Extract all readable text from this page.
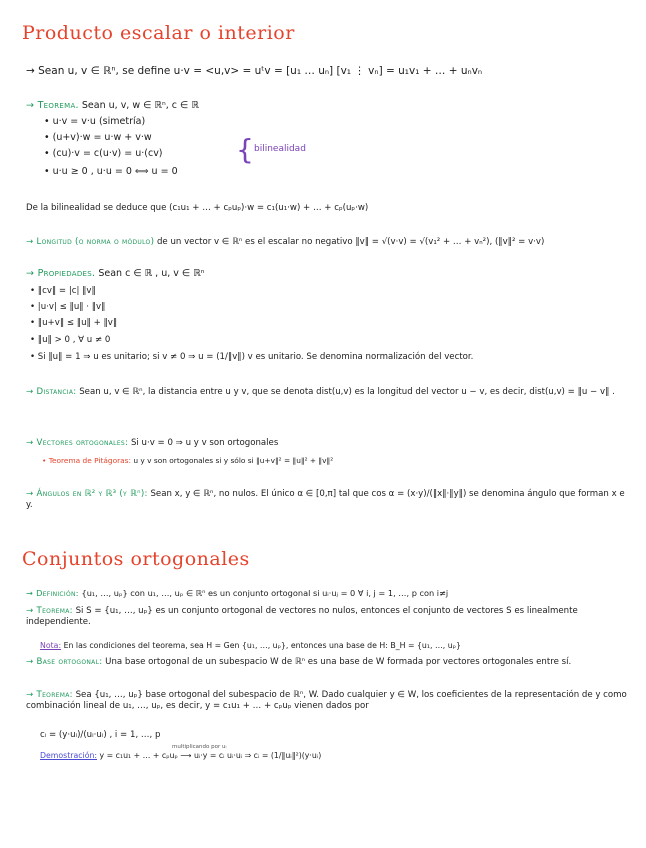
Producto escalar o interior
→ Sean u, v ∈ ℝⁿ, se define u·v = <u,v> = uᵗv = [u₁ … uₙ] [v₁ ⋮ vₙ] = u₁v₁ + … + uₙvₙ
→ Teorema. Sean u, v, w ∈ ℝⁿ, c ∈ ℝ
• u·v = v·u (simetría)
• (u+v)·w = u·w + v·w
• (cu)·v = c(u·v) = u·(cv)
• u·u ≥ 0 , u·u = 0 ⟺ u = 0
{ bilinealidad
De la bilinealidad se deduce que (c₁u₁ + … + cₚuₚ)·w = c₁(u₁·w) + … + cₚ(uₚ·w)
→ Longitud (o norma o módulo) de un vector v ∈ ℝⁿ es el escalar no negativo ‖v‖ = √(v·v) = √(v₁² + … + vₙ²), (‖v‖² = v·v)
→ Propiedades. Sean c ∈ ℝ , u, v ∈ ℝⁿ
• ‖cv‖ = |c| ‖v‖
• |u·v| ≤ ‖u‖ · ‖v‖
• ‖u+v‖ ≤ ‖u‖ + ‖v‖
• ‖u‖ > 0 , ∀ u ≠ 0
• Si ‖u‖ = 1 ⇒ u es unitario; si v ≠ 0 ⇒ u = (1/‖v‖) v es unitario. Se denomina normalización del vector.
→ Distancia: Sean u, v ∈ ℝⁿ, la distancia entre u y v, que se denota dist(u,v) es la longitud del vector u − v, es decir, dist(u,v) = ‖u − v‖ .
→ Vectores ortogonales: Si u·v = 0 ⇒ u y v son ortogonales
• Teorema de Pitágoras: u y v son ortogonales si y sólo si ‖u+v‖² = ‖u‖² + ‖v‖²
→ Ángulos en ℝ² y ℝ³ (y ℝⁿ): Sean x, y ∈ ℝⁿ, no nulos. El único α ∈ [0,π] tal que cos α = (x·y)/(‖x‖·‖y‖) se denomina ángulo que forman x e y.
Conjuntos ortogonales
→ Definición: {u₁, …, uₚ} con u₁, …, uₚ ∈ ℝⁿ es un conjunto ortogonal si uᵢ·uⱼ = 0 ∀ i, j = 1, …, p con i≠j
→ Teorema: Si S = {u₁, …, uₚ} es un conjunto ortogonal de vectores no nulos, entonces el conjunto de vectores S es linealmente independiente.
Nota: En las condiciones del teorema, sea H = Gen {u₁, …, uₚ}, entonces una base de H: B_H = {u₁, …, uₚ}
→ Base ortogonal: Una base ortogonal de un subespacio W de ℝⁿ es una base de W formada por vectores ortogonales entre sí.
→ Teorema: Sea {u₁, …, uₚ} base ortogonal del subespacio de ℝⁿ, W. Dado cualquier y ∈ W, los coeficientes de la representación de y como combinación lineal de u₁, …, uₚ, es decir, y = c₁u₁ + … + cₚuₚ vienen dados por
cᵢ = (y·uᵢ)/(uᵢ·uᵢ) , i = 1, …, p
multiplicando por uᵢ
Demostración: y = c₁u₁ + … + cₚuₚ ⟶ uᵢ·y = cᵢ uᵢ·uᵢ ⇒ cᵢ = (1/‖uᵢ‖²)(y·uᵢ)
